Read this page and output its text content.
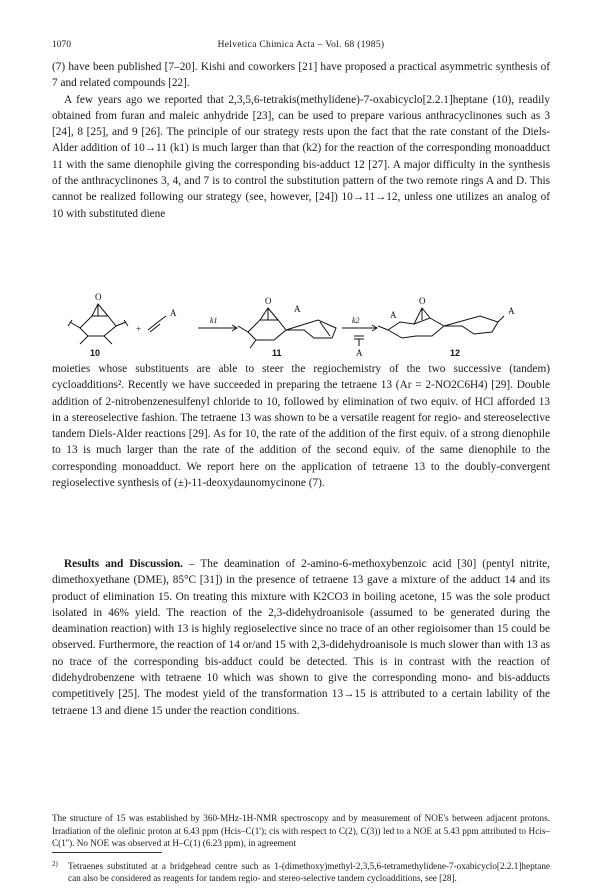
1070	Helvetica Chimica Acta – Vol. 68 (1985)

(7) have been published [7–20]. Kishi and coworkers [21] have proposed a practical asymmetric synthesis of 7 and related compounds [22].
A few years ago we reported that 2,3,5,6-tetrakis(methylidene)-7-oxabicyclo[2.2.1]heptane (10), readily obtained from furan and maleic anhydride [23], can be used to prepare various anthracyclinones such as 3 [24], 8 [25], and 9 [26]. The principle of our strategy rests upon the fact that the rate constant of the Diels-Alder addition of 10→11 (k1) is much larger than that (k2) for the reaction of the corresponding monoadduct 11 with the same dienophile giving the corresponding bis-adduct 12 [27]. A major difficulty in the synthesis of the anthracyclinones 3, 4, and 7 is to control the substitution pattern of the two remote rings A and D. This cannot be realized following our strategy (see, however, [24]) 10→11→12, unless one utilizes an analog of 10 with substituted diene

O	O	O
A	A
A
A	A
+
k1	k2
10	11	12

moieties whose substituents are able to steer the regiochemistry of the two successive (tandem) cycloadditions². Recently we have succeeded in preparing the tetraene 13 (Ar = 2-NO2C6H4) [29]. Double addition of 2-nitrobenzenesulfenyl chloride to 10, followed by elimination of two equiv. of HCl afforded 13 in a stereoselective fashion. The tetraene 13 was shown to be a versatile reagent for regio- and stereoselective tandem Diels-Alder reactions [29]. As for 10, the rate of the addition of the first equiv. of a strong dienophile to 13 is much larger than the rate of the addition of the second equiv. of the same dienophile to the corresponding monoadduct. We report here on the application of tetraene 13 to the doubly-convergent regioselective synthesis of (±)-11-deoxydaunomycinone (7).

Results and Discussion. – The deamination of 2-amino-6-methoxybenzoic acid [30] (pentyl nitrite, dimethoxyethane (DME), 85°C [31]) in the presence of tetraene 13 gave a mixture of the adduct 14 and its product of elimination 15. On treating this mixture with K2CO3 in boiling acetone, 15 was the sole product isolated in 46% yield. The reaction of the 2,3-didehydroanisole (assumed to be generated during the deamination reaction) with 13 is highly regioselective since no trace of an other regioisomer than 15 could be observed. Furthermore, the reaction of 14 or/and 15 with 2,3-didehydroanisole is much slower than with 13 as no trace of the corresponding bis-adduct could be detected. This is in contrast with the reaction of didehydrobenzene with tetraene 10 which was shown to give the corresponding mono- and bis-adducts competitively [25]. The modest yield of the transformation 13→15 is attributed to a certain lability of the tetraene 13 and diene 15 under the reaction conditions.

The structure of 15 was established by 360-MHz-1H-NMR spectroscopy and by measurement of NOE's between adjacent protons. Irradiation of the olefinic proton at 6.43 ppm (Hcis–C(1'); cis with respect to C(2), C(3)) led to a NOE at 5.43 ppm attributed to Hcis–C(1''). No NOE was observed at H–C(1) (6.23 ppm), in agreement

2) Tetraenes substituted at a bridgehead centre such as 1-(dimethoxy)methyl-2,3,5,6-tetramethylidene-7-oxabicyclo[2.2.1]heptane can also be considered as reagents for tandem regio- and stereo-selective tandem cycloadditions, see [28].
